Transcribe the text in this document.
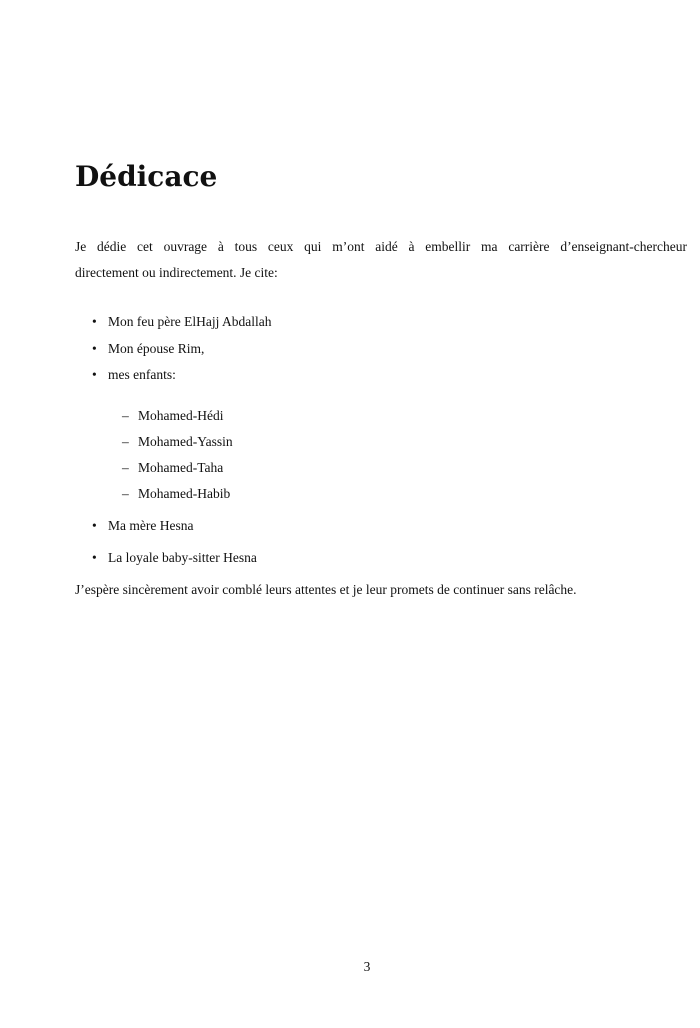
Dédicace
Je dédie cet ouvrage à tous ceux qui m’ont aidé à embellir ma carrière d’enseignant-chercheur
directement ou indirectement. Je cite:
• Mon feu père ElHajj Abdallah
• Mon épouse Rim,
• mes enfants:
– Mohamed-Hédi
– Mohamed-Yassin
– Mohamed-Taha
– Mohamed-Habib
• Ma mère Hesna
• La loyale baby-sitter Hesna
J’espère sincèrement avoir comblé leurs attentes et je leur promets de continuer sans relâche.
3
